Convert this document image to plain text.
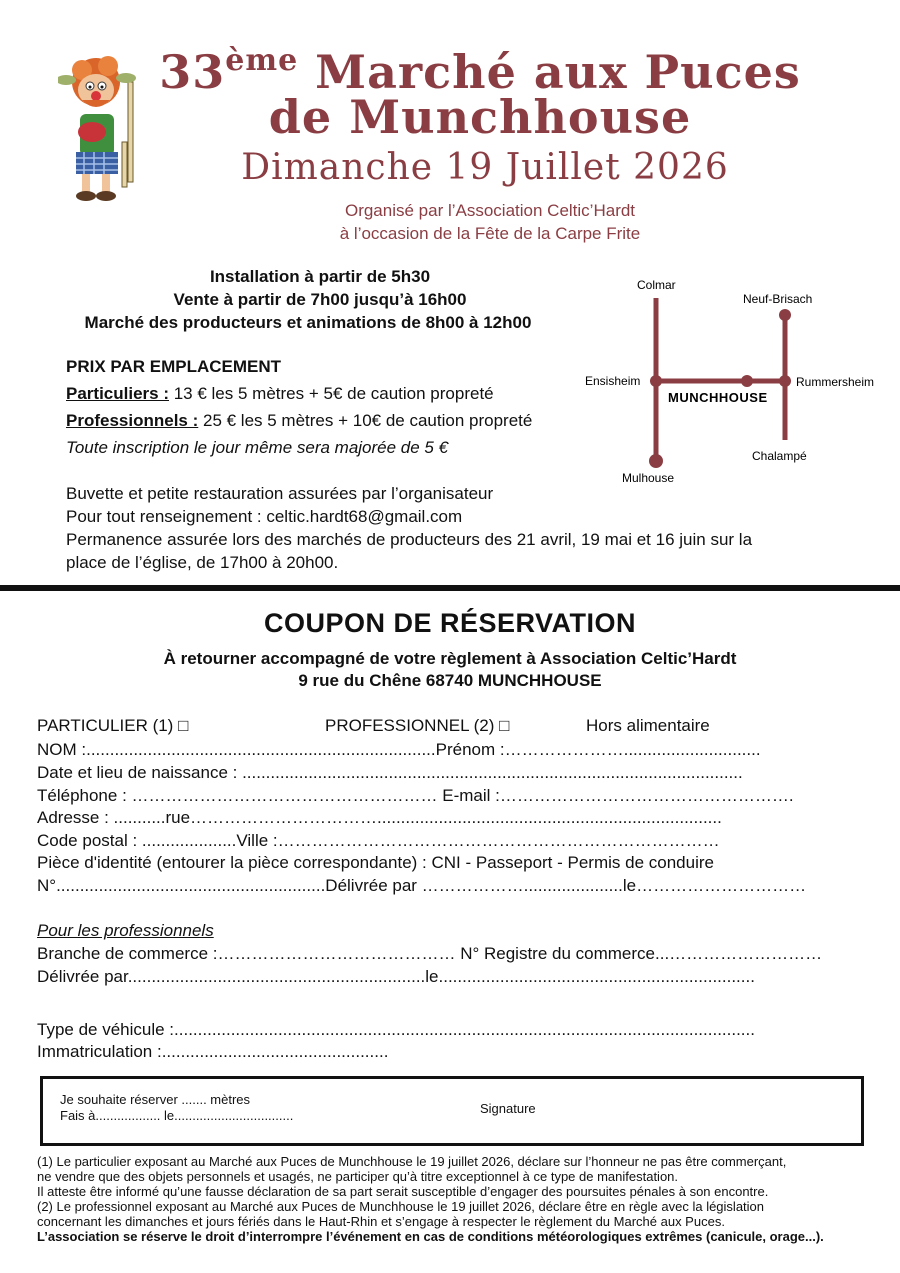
33ème Marché aux Puces
de Munchhouse
Dimanche 19 Juillet 2026
Organisé par l’Association Celtic’Hardt
à l’occasion de la Fête de la Carpe Frite
Installation à partir de 5h30
Vente à partir de 7h00 jusqu’à 16h00
Marché des producteurs et animations de 8h00 à 12h00
PRIX PAR EMPLACEMENT
Particuliers : 13 € les 5 mètres + 5€ de caution propreté
Professionnels : 25 € les 5 mètres + 10€ de caution propreté
Toute inscription le jour même sera majorée de 5 €
Buvette et petite restauration assurées par l’organisateur
Pour tout renseignement : celtic.hardt68@gmail.com
Permanence assurée lors des marchés de producteurs des 21 avril, 19 mai et 16 juin sur la
place de l’église, de 17h00 à 20h00.
Colmar
Neuf-Brisach
Ensisheim	Rummersheim
MUNCHHOUSE
Chalampé
Mulhouse
COUPON DE RÉSERVATION
À retourner accompagné de votre règlement à Association Celtic’Hardt
9 rue du Chêne 68740 MUNCHHOUSE
PARTICULIER (1) □	PROFESSIONNEL (2) □	Hors alimentaire
NOM :..........................................................................Prénom :………………….............................
Date et lieu de naissance : ..........................................................................................................
Téléphone : ……………………………………………… E-mail :…………………………………………….
Adresse : ...........rue…………………………….........................................................................
Code postal : ....................Ville :……………………………………………………………………
Pièce d'identité (entourer la pièce correspondante) : CNI - Passeport - Permis de conduire
N°.........................................................Délivrée par ……………….....................le…………………………
Pour les professionnels
Branche de commerce :…………………………………… N° Registre du commerce...………………………
Délivrée par...............................................................le...................................................................
Type de véhicule :...........................................................................................................................
Immatriculation :................................................
Je souhaite réserver ....... mètres
Fais à.................. le.................................	Signature
(1) Le particulier exposant au Marché aux Puces de Munchhouse le 19 juillet 2026, déclare sur l’honneur ne pas être commerçant,
ne vendre que des objets personnels et usagés, ne participer qu’à titre exceptionnel à ce type de manifestation.
Il atteste être informé qu’une fausse déclaration de sa part serait susceptible d’engager des poursuites pénales à son encontre.
(2) Le professionnel exposant au Marché aux Puces de Munchhouse le 19 juillet 2026, déclare être en règle avec la législation
concernant les dimanches et jours fériés dans le Haut-Rhin et s’engage à respecter le règlement du Marché aux Puces.
L’association se réserve le droit d’interrompre l’événement en cas de conditions météorologiques extrêmes (canicule, orage...).
